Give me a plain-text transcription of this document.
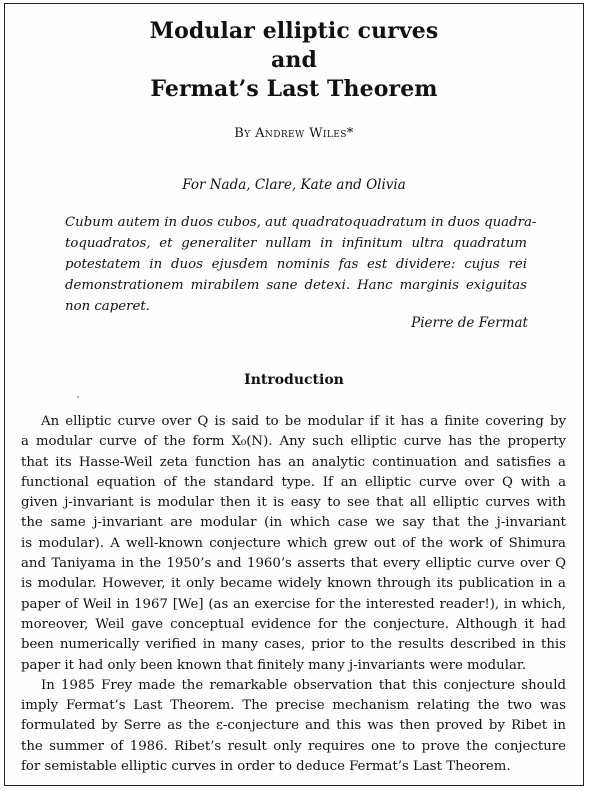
Modular elliptic curves
and
Fermat’s Last Theorem
By Andrew Wiles*
For Nada, Clare, Kate and Olivia
Cubum autem in duos cubos, aut quadratoquadratum in duos quadra-
toquadratos, et generaliter nullam in infinitum ultra quadratum
potestatem in duos ejusdem nominis fas est dividere: cujus rei
demonstrationem mirabilem sane detexi. Hanc marginis exiguitas
non caperet.
Pierre de Fermat
Introduction
An elliptic curve over Q is said to be modular if it has a finite covering by
a modular curve of the form X₀(N). Any such elliptic curve has the property
that its Hasse-Weil zeta function has an analytic continuation and satisfies a
functional equation of the standard type. If an elliptic curve over Q with a
given j-invariant is modular then it is easy to see that all elliptic curves with
the same j-invariant are modular (in which case we say that the j-invariant
is modular). A well-known conjecture which grew out of the work of Shimura
and Taniyama in the 1950’s and 1960’s asserts that every elliptic curve over Q
is modular. However, it only became widely known through its publication in a
paper of Weil in 1967 [We] (as an exercise for the interested reader!), in which,
moreover, Weil gave conceptual evidence for the conjecture. Although it had
been numerically verified in many cases, prior to the results described in this
paper it had only been known that finitely many j-invariants were modular.
In 1985 Frey made the remarkable observation that this conjecture should
imply Fermat’s Last Theorem. The precise mechanism relating the two was
formulated by Serre as the ε-conjecture and this was then proved by Ribet in
the summer of 1986. Ribet’s result only requires one to prove the conjecture
for semistable elliptic curves in order to deduce Fermat’s Last Theorem.
